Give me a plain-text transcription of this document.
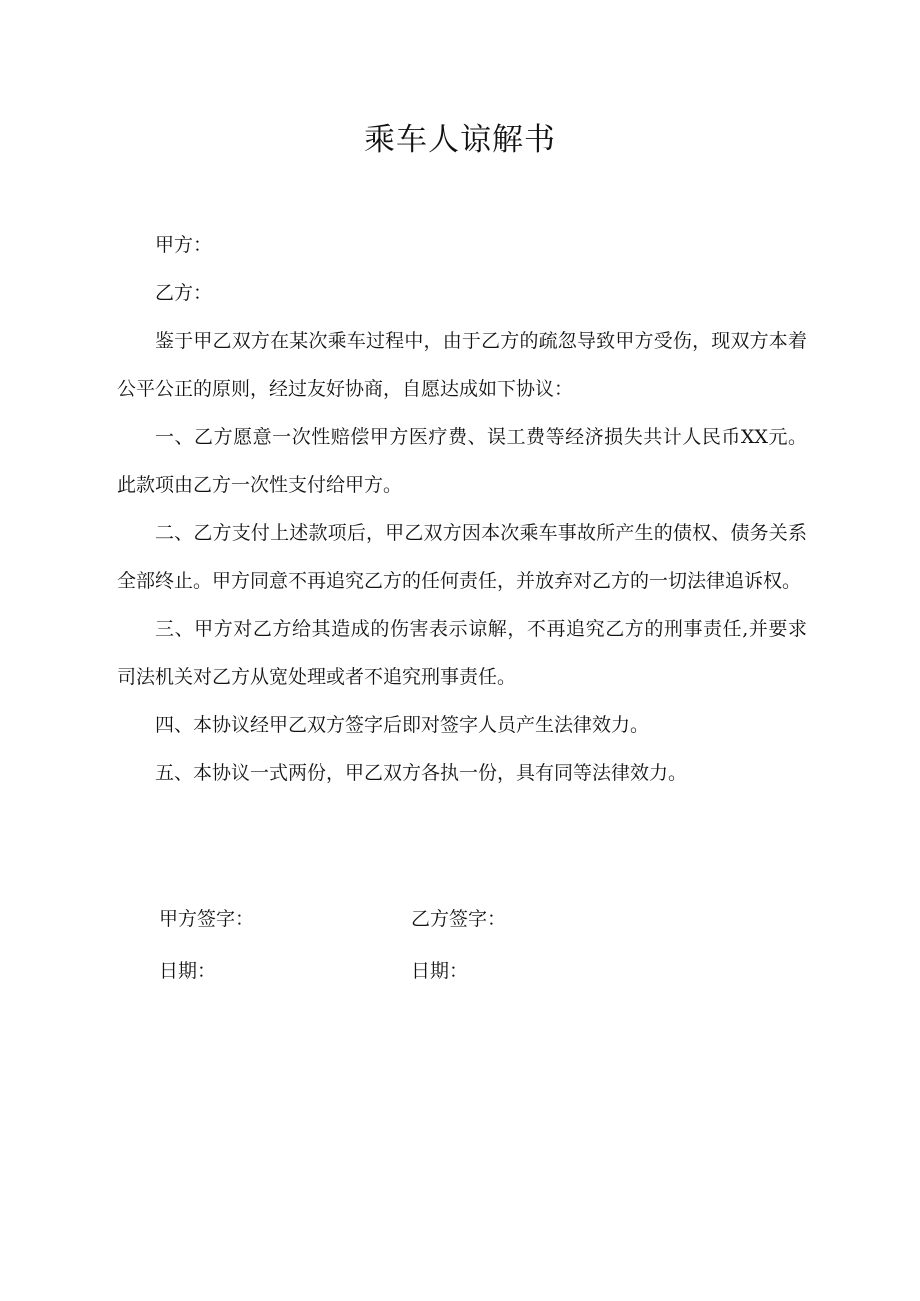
乘车人谅解书

甲方：

乙方：

鉴于甲乙双方在某次乘车过程中，由于乙方的疏忽导致甲方受伤，现双方本着公平公正的原则，经过友好协商，自愿达成如下协议：

一、乙方愿意一次性赔偿甲方医疗费、误工费等经济损失共计人民币XX元。此款项由乙方一次性支付给甲方。

二、乙方支付上述款项后，甲乙双方因本次乘车事故所产生的债权、债务关系全部终止。甲方同意不再追究乙方的任何责任，并放弃对乙方的一切法律追诉权。

三、甲方对乙方给其造成的伤害表示谅解，不再追究乙方的刑事责任,并要求司法机关对乙方从宽处理或者不追究刑事责任。

四、本协议经甲乙双方签字后即对签字人员产生法律效力。

五、本协议一式两份，甲乙双方各执一份，具有同等法律效力。

甲方签字：	乙方签字：
日期：	日期：
